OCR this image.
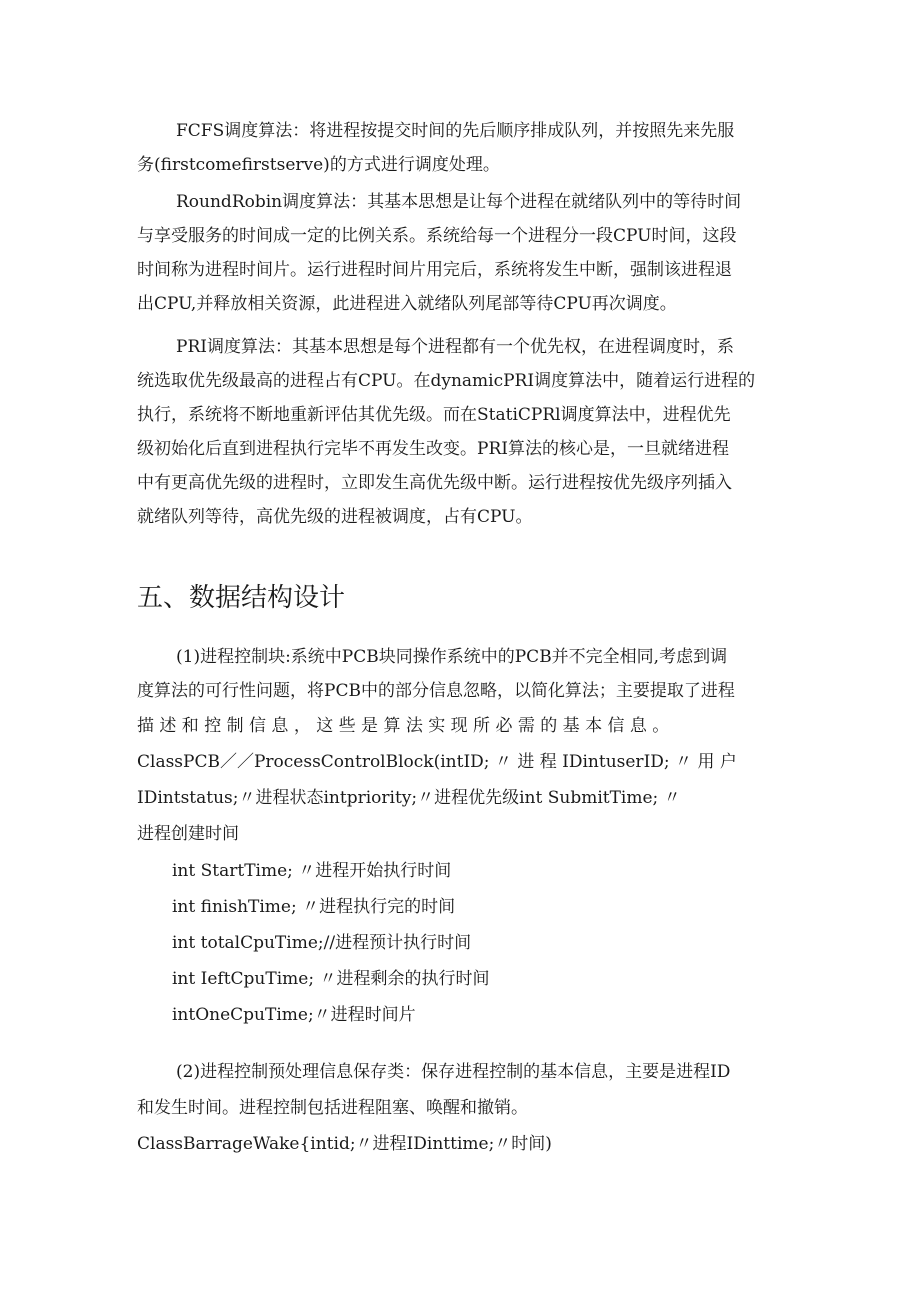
FCFS调度算法：将进程按提交时间的先后顺序排成队列，并按照先来先服
务(firstcomefirstserve)的方式进行调度处理。
RoundRobin调度算法：其基本思想是让每个进程在就绪队列中的等待时间
与享受服务的时间成一定的比例关系。系统给每一个进程分一段CPU时间，这段
时间称为进程时间片。运行进程时间片用完后，系统将发生中断，强制该进程退
出CPU,并释放相关资源，此进程进入就绪队列尾部等待CPU再次调度。
PRI调度算法：其基本思想是每个进程都有一个优先权，在进程调度时，系
统选取优先级最高的进程占有CPU。在dynamicPRI调度算法中，随着运行进程的
执行，系统将不断地重新评估其优先级。而在StatiCPRl调度算法中，进程优先
级初始化后直到进程执行完毕不再发生改变。PRI算法的核心是，一旦就绪进程
中有更高优先级的进程时，立即发生高优先级中断。运行进程按优先级序列插入
就绪队列等待，高优先级的进程被调度，占有CPU。
五、数据结构设计
(1)进程控制块:系统中PCB块同操作系统中的PCB并不完全相同,考虑到调
度算法的可行性问题，将PCB中的部分信息忽略，以简化算法；主要提取了进程
描 述 和 控 制 信 息 ， 这 些 是 算 法 实 现 所 必 需 的 基 本 信 息 。
ClassPCB／／ProcessControlBlock(intID; 〃 进 程 IDintuserID; 〃 用 户
IDintstatus;〃进程状态intpriority;〃进程优先级int SubmitTime; 〃
进程创建时间
int StartTime; 〃进程开始执行时间
int finishTime; 〃进程执行完的时间
int totalCpuTime;//进程预计执行时间
int IeftCpuTime; 〃进程剩余的执行时间
intOneCpuTime;〃进程时间片
(2)进程控制预处理信息保存类：保存进程控制的基本信息，主要是进程ID
和发生时间。进程控制包括进程阻塞、唤醒和撤销。
ClassBarrageWake{intid;〃进程IDinttime;〃时间)
